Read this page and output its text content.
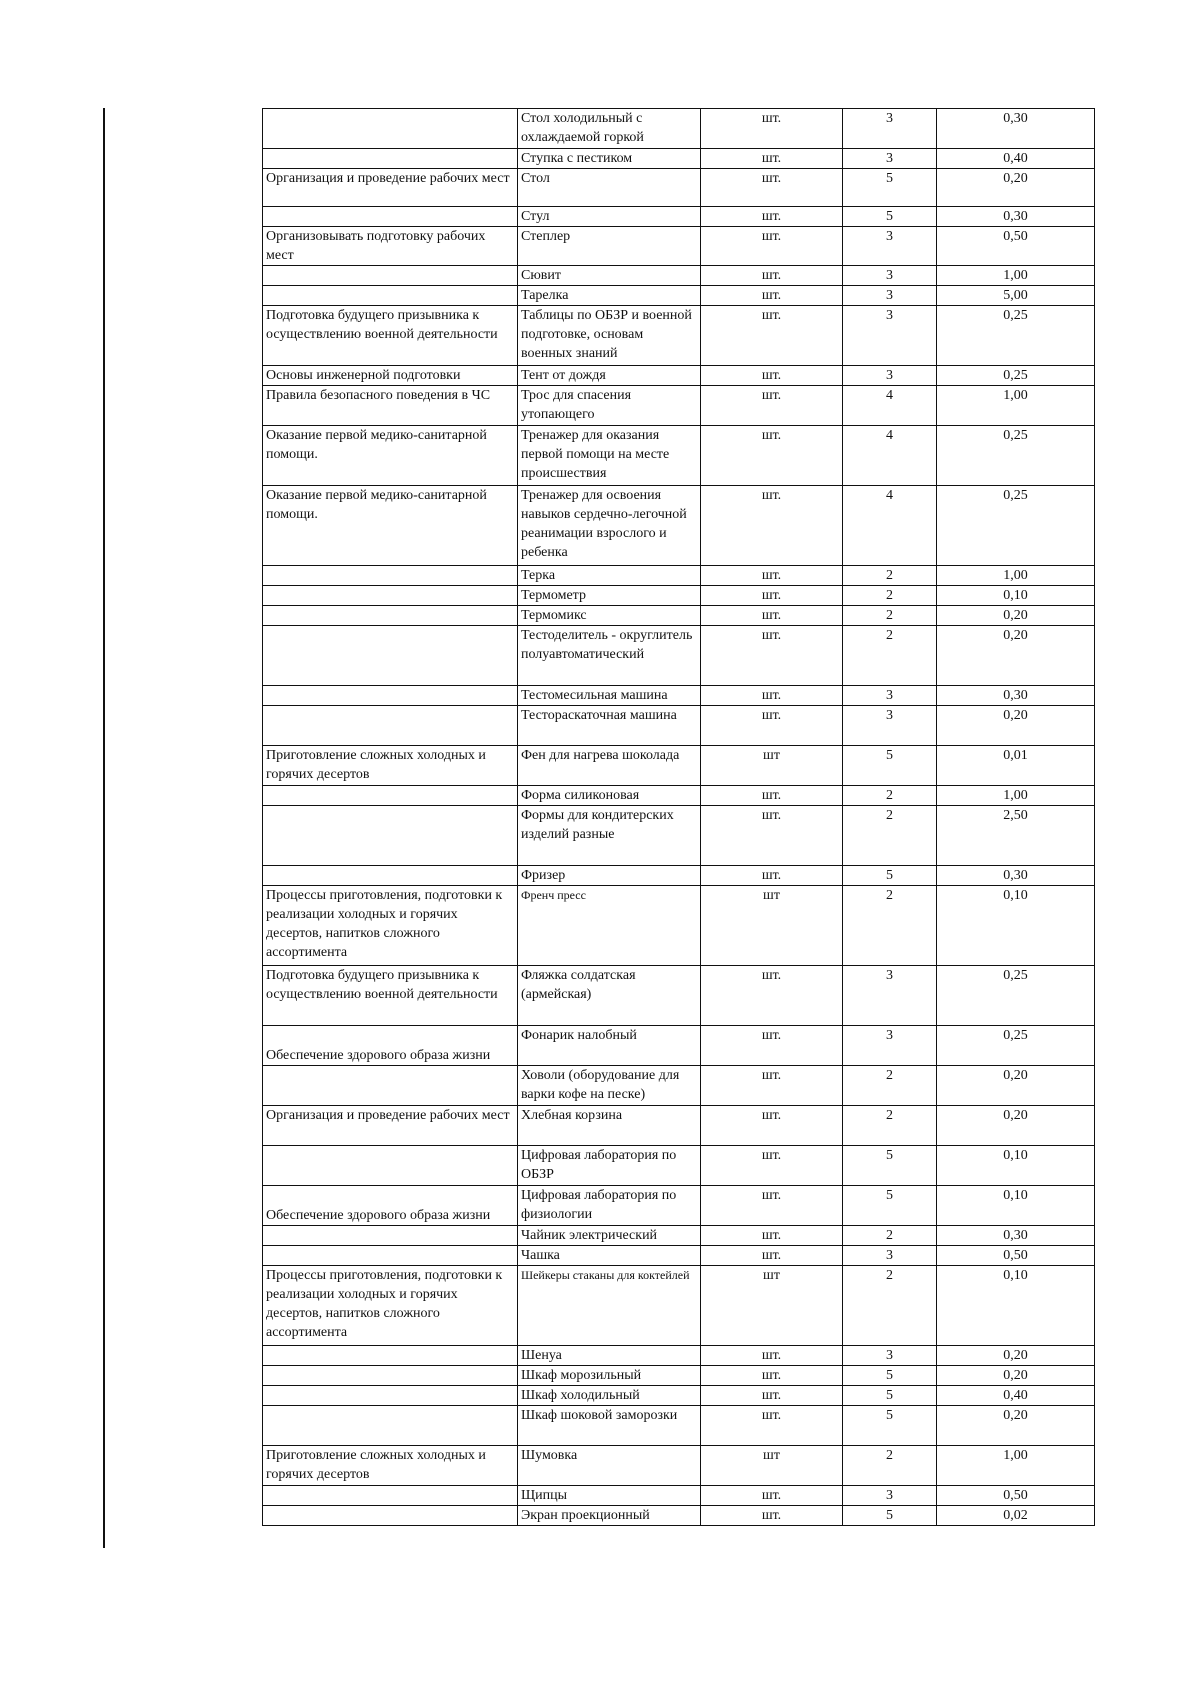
	Стол холодильный с охлаждаемой горкой	шт.	3	0,30
	Ступка с пестиком	шт.	3	0,40
Организация и проведение рабочих мест	Стол	шт.	5	0,20
	Стул	шт.	5	0,30
Организовывать подготовку рабочих мест	Степлер	шт.	3	0,50
	Сювит	шт.	3	1,00
	Тарелка	шт.	3	5,00
Подготовка будущего призывника к осуществлению военной деятельности	Таблицы по ОБЗР и военной подготовке, основам военных знаний	шт.	3	0,25
Основы инженерной подготовки	Тент от дождя	шт.	3	0,25
Правила безопасного поведения в ЧС	Трос для спасения утопающего	шт.	4	1,00
Оказание первой медико-санитарной помощи.	Тренажер для оказания первой помощи на месте происшествия	шт.	4	0,25
Оказание первой медико-санитарной помощи.	Тренажер для освоения навыков сердечно-легочной реанимации взрослого и ребенка	шт.	4	0,25
	Терка	шт.	2	1,00
	Термометр	шт.	2	0,10
	Термомикс	шт.	2	0,20
	Тестоделитель - округлитель полуавтоматический	шт.	2	0,20
	Тестомесильная машина	шт.	3	0,30
	Тестораскаточная машина	шт.	3	0,20
Приготовление сложных холодных и горячих десертов	Фен для нагрева шоколада	шт	5	0,01
	Форма силиконовая	шт.	2	1,00
	Формы для кондитерских изделий разные	шт.	2	2,50
	Фризер	шт.	5	0,30
Процессы приготовления, подготовки к реализации холодных и горячих десертов, напитков сложного ассортимента	Френч пресс	шт	2	0,10
Подготовка будущего призывника к осуществлению военной деятельности	Фляжка солдатская (армейская)	шт.	3	0,25
Обеспечение здорового образа жизни	Фонарик налобный	шт.	3	0,25
	Ховоли (оборудование для варки кофе на песке)	шт.	2	0,20
Организация и проведение рабочих мест	Хлебная корзина	шт.	2	0,20
	Цифровая лаборатория по ОБЗР	шт.	5	0,10
Обеспечение здорового образа жизни	Цифровая лаборатория по физиологии	шт.	5	0,10
	Чайник электрический	шт.	2	0,30
	Чашка	шт.	3	0,50
Процессы приготовления, подготовки к реализации холодных и горячих десертов, напитков сложного ассортимента	Шейкеры стаканы для коктейлей	шт	2	0,10
	Шенуа	шт.	3	0,20
	Шкаф морозильный	шт.	5	0,20
	Шкаф холодильный	шт.	5	0,40
	Шкаф шоковой заморозки	шт.	5	0,20
Приготовление сложных холодных и горячих десертов	Шумовка	шт	2	1,00
	Щипцы	шт.	3	0,50
	Экран проекционный	шт.	5	0,02
